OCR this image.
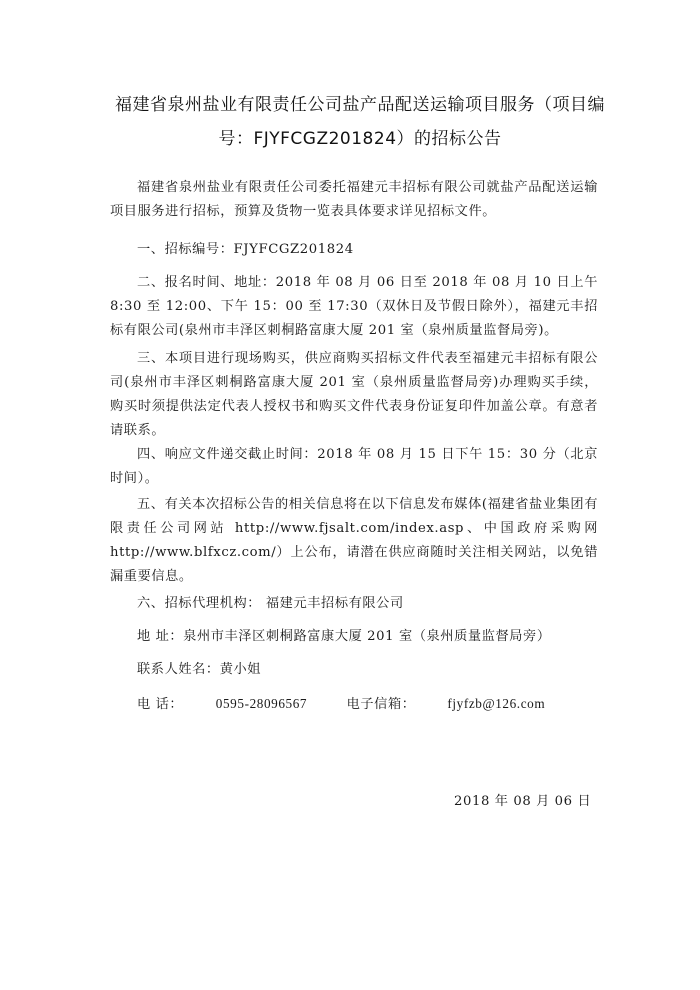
福建省泉州盐业有限责任公司盐产品配送运输项目服务（项目编
号：FJYFCGZ201824）的招标公告
福建省泉州盐业有限责任公司委托福建元丰招标有限公司就盐产品配送运输项目服务进行招标，预算及货物一览表具体要求详见招标文件。
一、招标编号：FJYFCGZ201824
二、报名时间、地址：2018 年 08 月 06 日至 2018 年 08 月 10 日上午 8:30 至 12:00、下午 15：00 至 17:30（双休日及节假日除外），福建元丰招标有限公司(泉州市丰泽区刺桐路富康大厦 201 室（泉州质量监督局旁)。
三、本项目进行现场购买，供应商购买招标文件代表至福建元丰招标有限公司(泉州市丰泽区刺桐路富康大厦 201 室（泉州质量监督局旁)办理购买手续，购买时须提供法定代表人授权书和购买文件代表身份证复印件加盖公章。有意者请联系。
四、响应文件递交截止时间：2018 年 08 月 15 日下午 15：30 分（北京时间）。
五、有关本次招标公告的相关信息将在以下信息发布媒体(福建省盐业集团有限责任公司网站 http://www.fjsalt.com/index.asp、中国政府采购网 http://www.blfxcz.com/）上公布，请潜在供应商随时关注相关网站，以免错漏重要信息。
六、招标代理机构： 福建元丰招标有限公司
地 址：泉州市丰泽区刺桐路富康大厦 201 室（泉州质量监督局旁）
联系人姓名：黄小姐
电 话： 0595-28096567	电子信箱： fjyfzb@126.com
2018 年 08 月 06 日
